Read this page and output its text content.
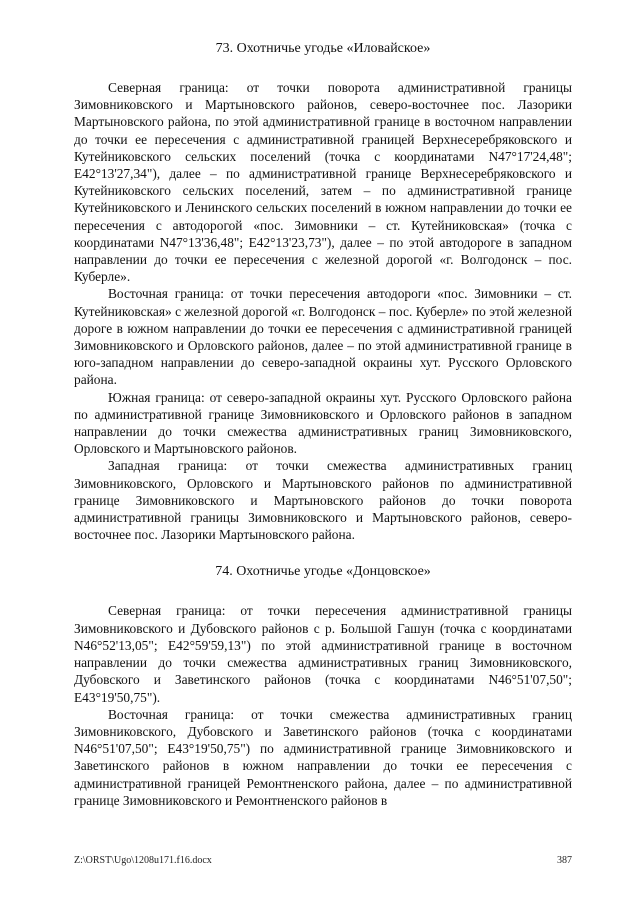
73. Охотничье угодье «Иловайское»

Северная граница: от точки поворота административной границы Зимовниковского и Мартыновского районов, северо-восточнее пос. Лазорики Мартыновского района, по этой административной границе в восточном направлении до точки ее пересечения с административной границей Верхнесеребряковского и Кутейниковского сельских поселений (точка с координатами N47°17'24,48"; E42°13'27,34"), далее – по административной границе Верхнесеребряковского и Кутейниковского сельских поселений, затем – по административной границе Кутейниковского и Ленинского сельских поселений в южном направлении до точки ее пересечения с автодорогой «пос. Зимовники – ст. Кутейниковская» (точка с координатами N47°13'36,48"; E42°13'23,73"), далее – по этой автодороге в западном направлении до точки ее пересечения с железной дорогой «г. Волгодонск – пос. Куберле».

Восточная граница: от точки пересечения автодороги «пос. Зимовники – ст. Кутейниковская» с железной дорогой «г. Волгодонск – пос. Куберле» по этой железной дороге в южном направлении до точки ее пересечения с административной границей Зимовниковского и Орловского районов, далее – по этой административной границе в юго-западном направлении до северо-западной окраины хут. Русского Орловского района.

Южная граница: от северо-западной окраины хут. Русского Орловского района по административной границе Зимовниковского и Орловского районов в западном направлении до точки смежества административных границ Зимовниковского, Орловского и Мартыновского районов.

Западная граница: от точки смежества административных границ Зимовниковского, Орловского и Мартыновского районов по административной границе Зимовниковского и Мартыновского районов до точки поворота административной границы Зимовниковского и Мартыновского районов, северо-восточнее пос. Лазорики Мартыновского района.

74. Охотничье угодье «Донцовское»

Северная граница: от точки пересечения административной границы Зимовниковского и Дубовского районов с р. Большой Гашун (точка с координатами N46°52'13,05"; E42°59'59,13") по этой административной границе в восточном направлении до точки смежества административных границ Зимовниковского, Дубовского и Заветинского районов (точка с координатами N46°51'07,50"; E43°19'50,75").

Восточная граница: от точки смежества административных границ Зимовниковского, Дубовского и Заветинского районов (точка с координатами N46°51'07,50"; E43°19'50,75") по административной границе Зимовниковского и Заветинского районов в южном направлении до точки ее пересечения с административной границей Ремонтненского района, далее – по административной границе Зимовниковского и Ремонтненского районов в

Z:\ORST\Ugo\1208u171.f16.docx	387
